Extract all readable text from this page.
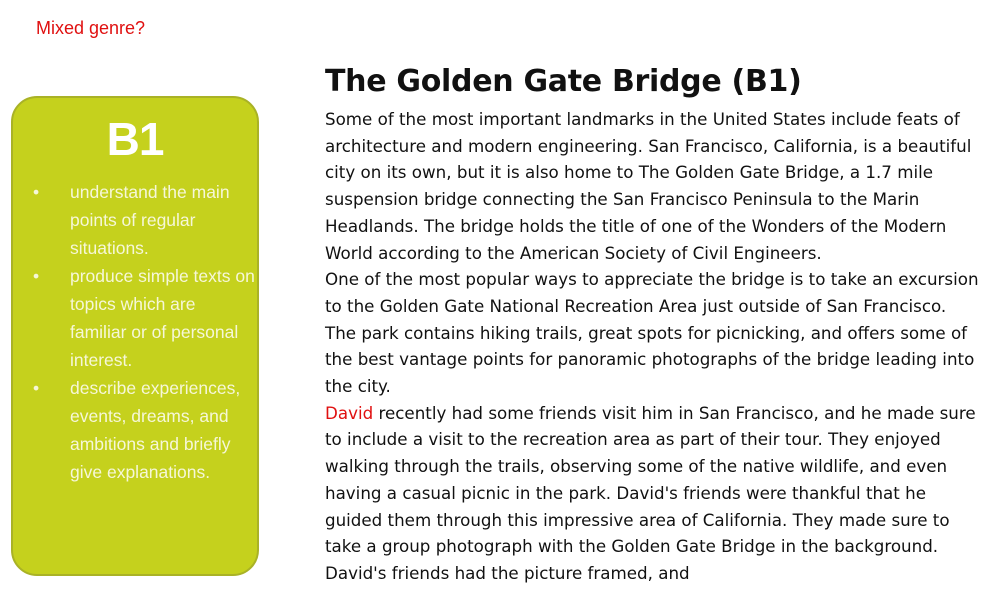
Mixed genre?
B1
• understand the main points of regular situations.
• produce simple texts on topics which are familiar or of personal interest.
• describe experiences, events, dreams, and ambitions and briefly give explanations.
The Golden Gate Bridge (B1)

Some of the most important landmarks in the United States include feats of architecture and modern engineering. San Francisco, California, is a beautiful city on its own, but it is also home to The Golden Gate Bridge, a 1.7 mile suspension bridge connecting the San Francisco Peninsula to the Marin Headlands. The bridge holds the title of one of the Wonders of the Modern World according to the American Society of Civil Engineers.

One of the most popular ways to appreciate the bridge is to take an excursion to the Golden Gate National Recreation Area just outside of San Francisco. The park contains hiking trails, great spots for picnicking, and offers some of the best vantage points for panoramic photographs of the bridge leading into the city.

David recently had some friends visit him in San Francisco, and he made sure to include a visit to the recreation area as part of their tour. They enjoyed walking through the trails, observing some of the native wildlife, and even having a casual picnic in the park. David's friends were thankful that he guided them through this impressive area of California. They made sure to take a group photograph with the Golden Gate Bridge in the background. David's friends had the picture framed, and
